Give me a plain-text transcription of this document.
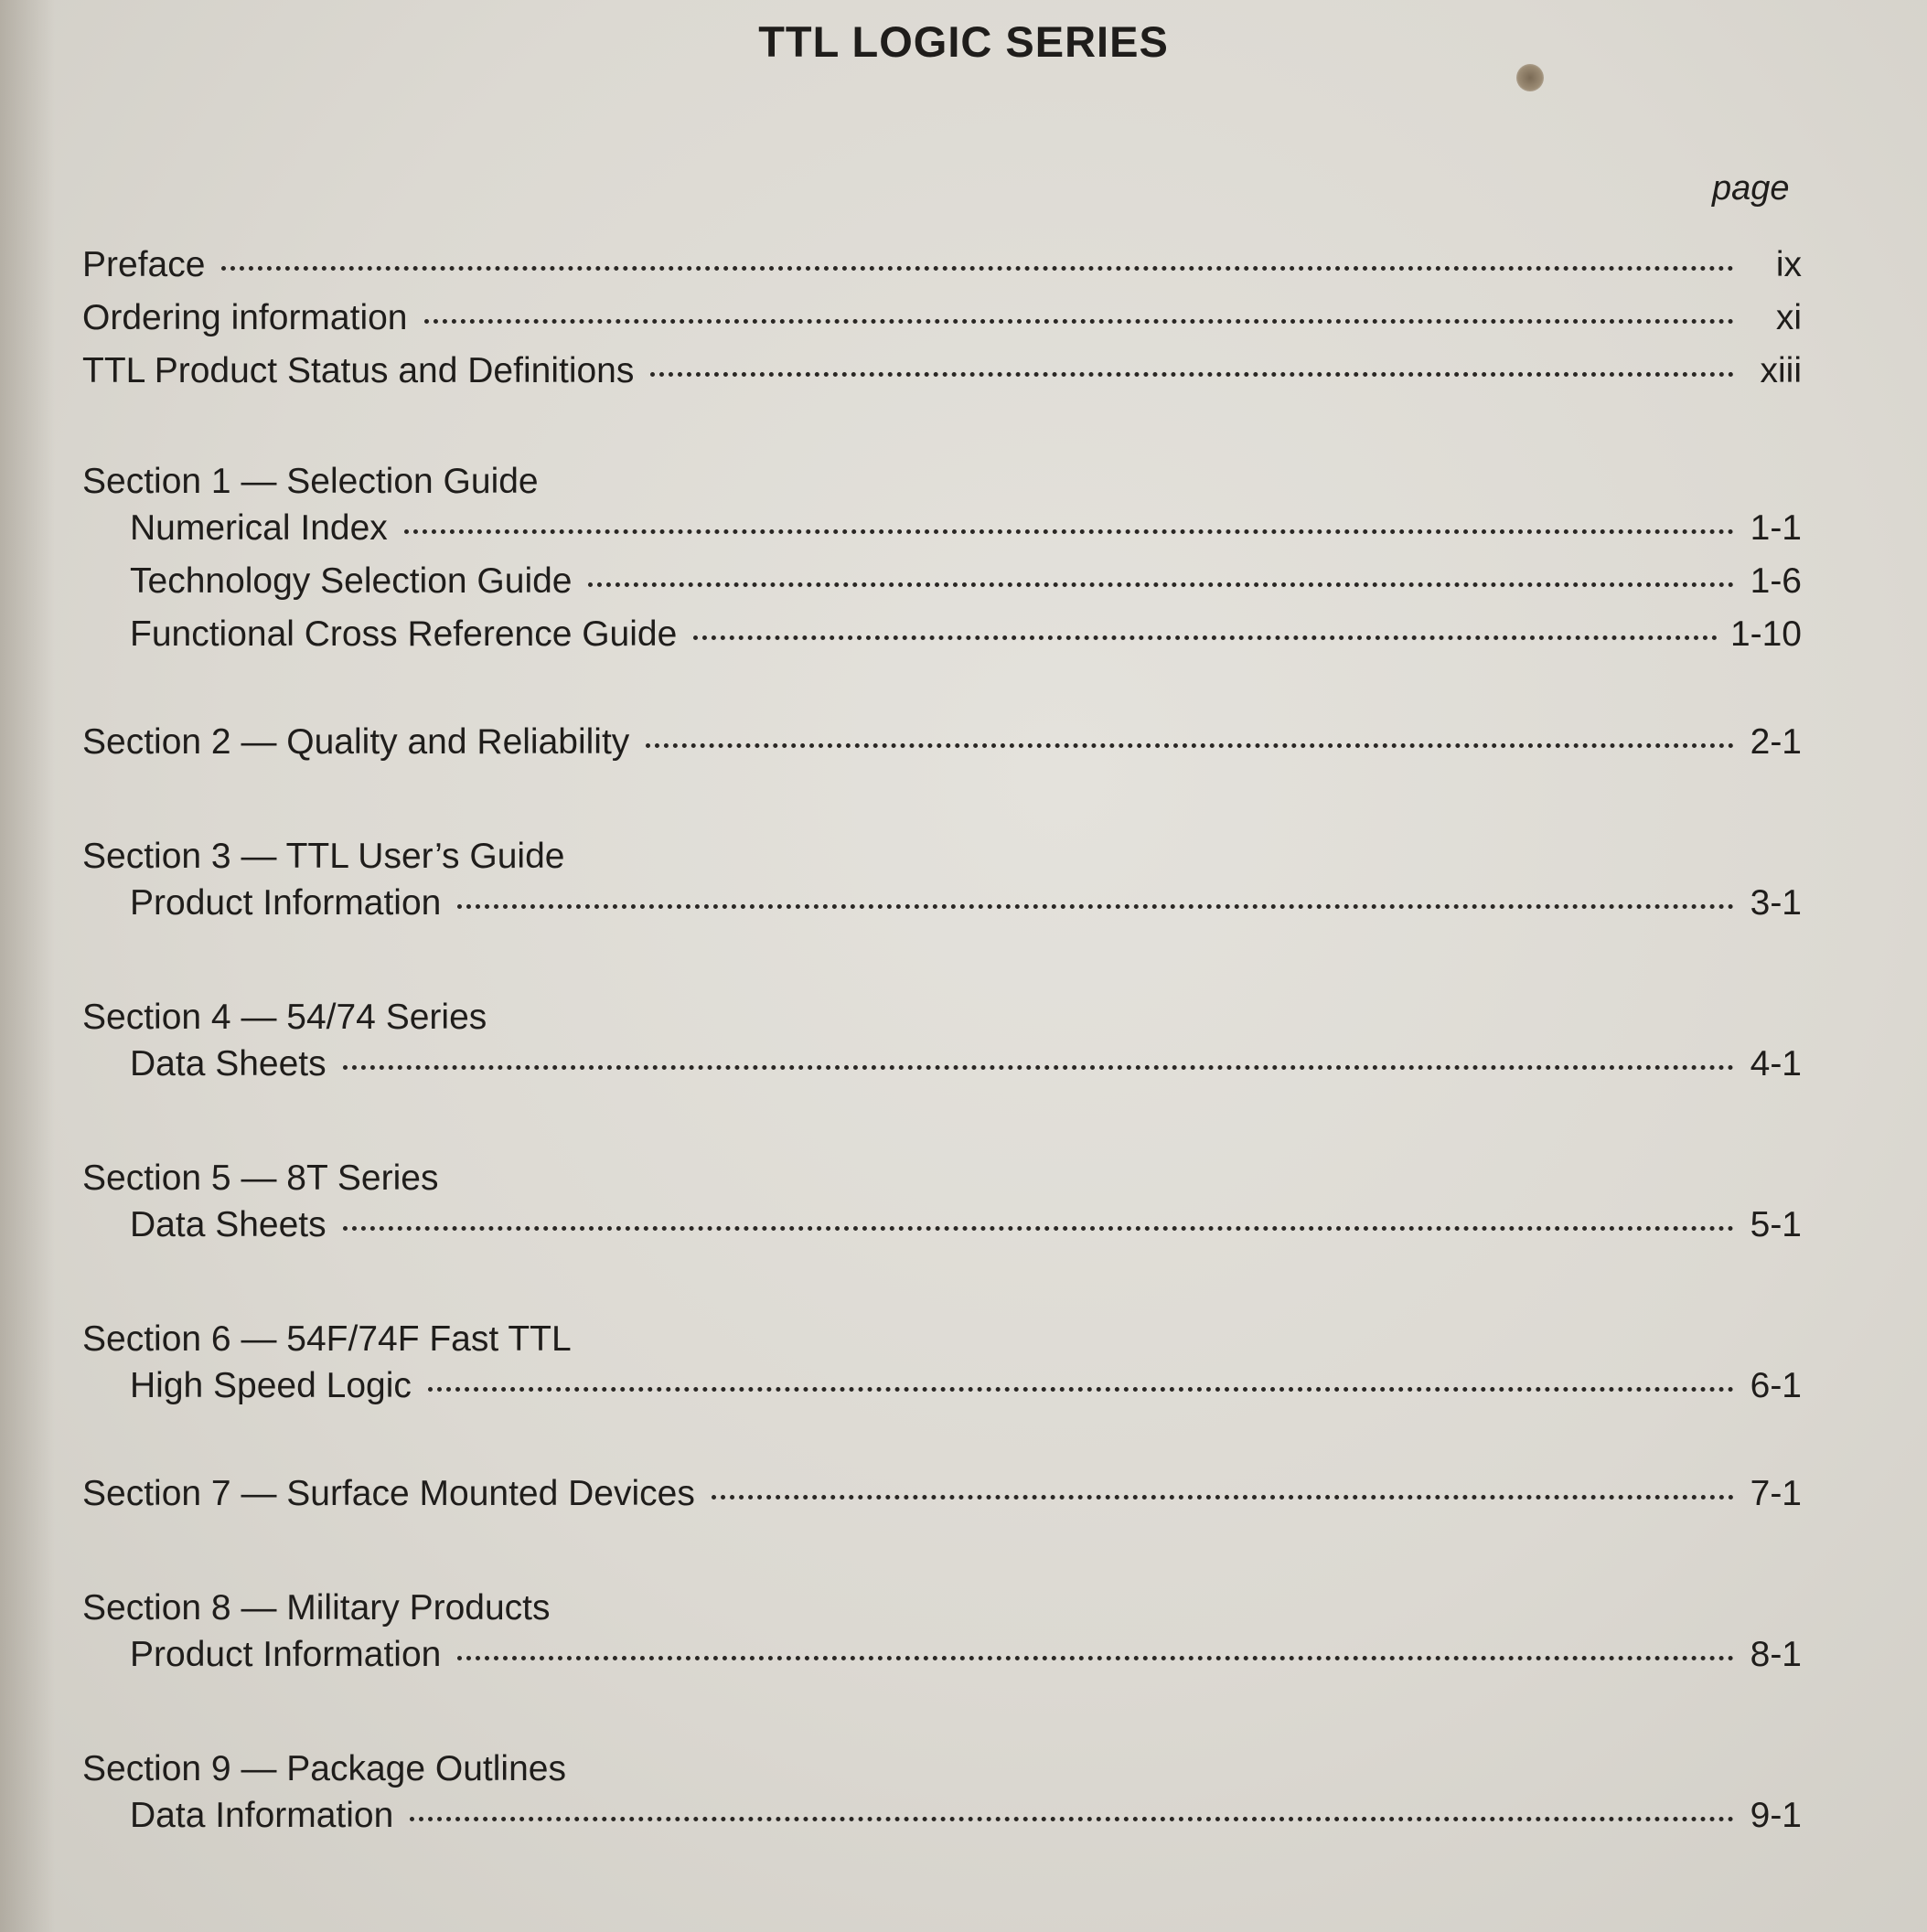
TTL LOGIC SERIES
page
Preface	ix
Ordering information	xi
TTL Product Status and Definitions	xiii
Section 1 — Selection Guide
Numerical Index	1-1
Technology Selection Guide	1-6
Functional Cross Reference Guide	1-10
Section 2 — Quality and Reliability	2-1
Section 3 — TTL User’s Guide
Product Information	3-1
Section 4 — 54/74 Series
Data Sheets	4-1
Section 5 — 8T Series
Data Sheets	5-1
Section 6 — 54F/74F Fast TTL
High Speed Logic	6-1
Section 7 — Surface Mounted Devices	7-1
Section 8 — Military Products
Product Information	8-1
Section 9 — Package Outlines
Data Information	9-1
